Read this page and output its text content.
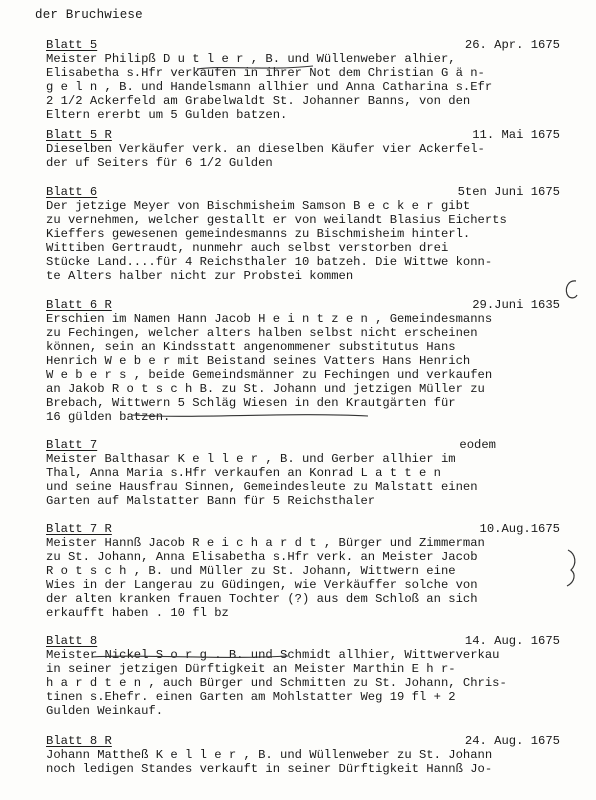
der Bruchwiese
Blatt 5	26. Apr. 1675
Meister Philipß D u t l e r , B. und Wüllenweber alhier,
Elisabetha s.Hfr verkaufen in ihrer Not dem Christian G ä n-
g e l n , B. und Handelsmann allhier und Anna Catharina s.Efr
2 1/2 Ackerfeld am Grabelwaldt St. Johanner Banns, von den
Eltern ererbt um 5 Gulden batzen.
Blatt 5 R	11. Mai 1675
Dieselben Verkäufer verk. an dieselben Käufer vier Ackerfel-
der uf Seiters für 6 1/2 Gulden
Blatt 6	5ten Juni 1675
Der jetzige Meyer von Bischmisheim Samson B e c k e r gibt
zu vernehmen, welcher gestallt er von weilandt Blasius Eicherts
Kieffers gewesenen gemeindesmanns zu Bischmisheim hinterl.
Wittiben Gertraudt, nunmehr auch selbst verstorben drei
Stücke Land....für 4 Reichsthaler 10 batzeh. Die Wittwe konn-
te Alters halber nicht zur Probstei kommen
Blatt 6 R	29.Juni 1635
Erschien im Namen Hann Jacob H e i n t z e n , Gemeindesmanns
zu Fechingen, welcher alters halben selbst nicht erscheinen
können, sein an Kindsstatt angenommener substitutus Hans
Henrich W e b e r mit Beistand seines Vatters Hans Henrich
W e b e r s , beide Gemeindsmänner zu Fechingen und verkaufen
an Jakob R o t s c h B. zu St. Johann und jetzigen Müller zu
Brebach, Wittwern 5 Schläg Wiesen in den Krautgärten für
16 gülden batzen.
Blatt 7	eodem
Meister Balthasar K e l l e r , B. und Gerber allhier im
Thal, Anna Maria s.Hfr verkaufen an Konrad L a t t e n
und seine Hausfrau Sinnen, Gemeindesleute zu Malstatt einen
Garten auf Malstatter Bann für 5 Reichsthaler
Blatt 7 R	10.Aug.1675
Meister Hannß Jacob R e i c h a r d t , Bürger und Zimmerman
zu St. Johann, Anna Elisabetha s.Hfr verk. an Meister Jacob
R o t s c h , B. und Müller zu St. Johann, Wittwern eine
Wies in der Langerau zu Güdingen, wie Verkäuffer solche von
der alten kranken frauen Tochter (?) aus dem Schloß an sich
erkaufft haben . 10 fl bz
Blatt 8	14. Aug. 1675
Meister Nickel S o r g . B. und Schmidt allhier, Wittwerverkau
in seiner jetzigen Dürftigkeit an Meister Marthin E h r-
h a r d t e n , auch Bürger und Schmitten zu St. Johann, Chris-
tinen s.Ehefr. einen Garten am Mohlstatter Weg 19 fl + 2
Gulden Weinkauf.
Blatt 8 R	24. Aug. 1675
Johann Mattheß K e l l e r , B. und Wüllenweber zu St. Johann
noch ledigen Standes verkauft in seiner Dürftigkeit Hannß Jo-
